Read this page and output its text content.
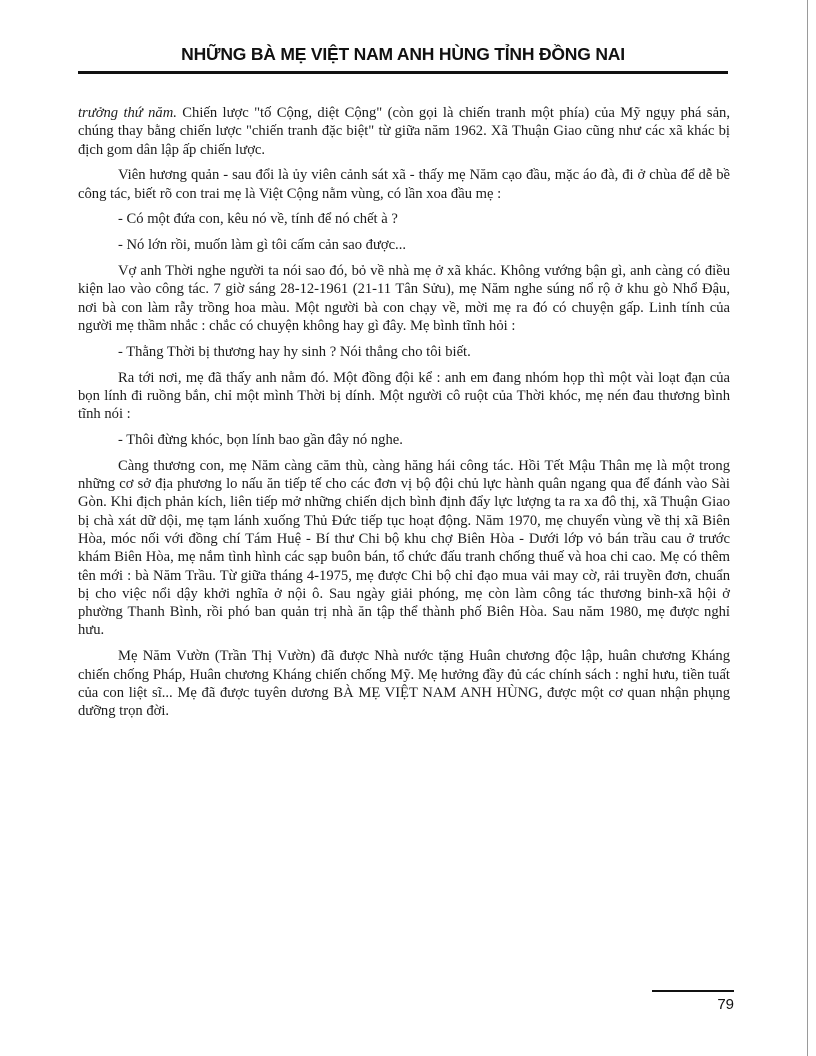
NHỮNG BÀ MẸ VIỆT NAM ANH HÙNG TỈNH ĐỒNG NAI

trưởng thứ năm. Chiến lược "tố Cộng, diệt Cộng" (còn gọi là chiến tranh một phía) của Mỹ ngụy phá sản, chúng thay bằng chiến lược "chiến tranh đặc biệt" từ giữa năm 1962. Xã Thuận Giao cũng như các xã khác bị địch gom dân lập ấp chiến lược.

Viên hương quản - sau đổi là ủy viên cảnh sát xã - thấy mẹ Năm cạo đầu, mặc áo đà, đi ở chùa để dễ bề công tác, biết rõ con trai mẹ là Việt Cộng nằm vùng, có lần xoa đầu mẹ :

- Có một đứa con, kêu nó về, tính để nó chết à ?

- Nó lớn rồi, muốn làm gì tôi cấm cản sao được...

Vợ anh Thời nghe người ta nói sao đó, bỏ về nhà mẹ ở xã khác. Không vướng bận gì, anh càng có điều kiện lao vào công tác. 7 giờ sáng 28-12-1961 (21-11 Tân Sửu), mẹ Năm nghe súng nổ rộ ở khu gò Nhổ Đậu, nơi bà con làm rẫy trồng hoa màu. Một người bà con chạy về, mời mẹ ra đó có chuyện gấp. Linh tính của người mẹ thầm nhắc : chắc có chuyện không hay gì đây. Mẹ bình tĩnh hỏi :

- Thằng Thời bị thương hay hy sinh ? Nói thẳng cho tôi biết.

Ra tới nơi, mẹ đã thấy anh nằm đó. Một đồng đội kể : anh em đang nhóm họp thì một vài loạt đạn của bọn lính đi ruồng bắn, chỉ một mình Thời bị dính. Một người cô ruột của Thời khóc, mẹ nén đau thương bình tĩnh nói :

- Thôi đừng khóc, bọn lính bao gần đây nó nghe.

Càng thương con, mẹ Năm càng căm thù, càng hăng hái công tác. Hồi Tết Mậu Thân mẹ là một trong những cơ sở địa phương lo nấu ăn tiếp tế cho các đơn vị bộ đội chủ lực hành quân ngang qua để đánh vào Sài Gòn. Khi địch phản kích, liên tiếp mở những chiến dịch bình định đẩy lực lượng ta ra xa đô thị, xã Thuận Giao bị chà xát dữ dội, mẹ tạm lánh xuống Thủ Đức tiếp tục hoạt động. Năm 1970, mẹ chuyển vùng về thị xã Biên Hòa, móc nối với đồng chí Tám Huệ - Bí thư Chi bộ khu chợ Biên Hòa - Dưới lớp vỏ bán trầu cau ở trước khám Biên Hòa, mẹ nắm tình hình các sạp buôn bán, tổ chức đấu tranh chống thuế và hoa chi cao. Mẹ có thêm tên mới : bà Năm Trầu. Từ giữa tháng 4-1975, mẹ được Chi bộ chỉ đạo mua vải may cờ, rải truyền đơn, chuẩn bị cho việc nổi dậy khởi nghĩa ở nội ô. Sau ngày giải phóng, mẹ còn làm công tác thương binh-xã hội ở phường Thanh Bình, rồi phó ban quản trị nhà ăn tập thể thành phố Biên Hòa. Sau năm 1980, mẹ được nghỉ hưu.

Mẹ Năm Vườn (Trần Thị Vườn) đã được Nhà nước tặng Huân chương độc lập, huân chương Kháng chiến chống Pháp, Huân chương Kháng chiến chống Mỹ. Mẹ hưởng đầy đủ các chính sách : nghỉ hưu, tiền tuất của con liệt sĩ... Mẹ đã được tuyên dương BÀ MẸ VIỆT NAM ANH HÙNG, được một cơ quan nhận phụng dưỡng trọn đời.

79
